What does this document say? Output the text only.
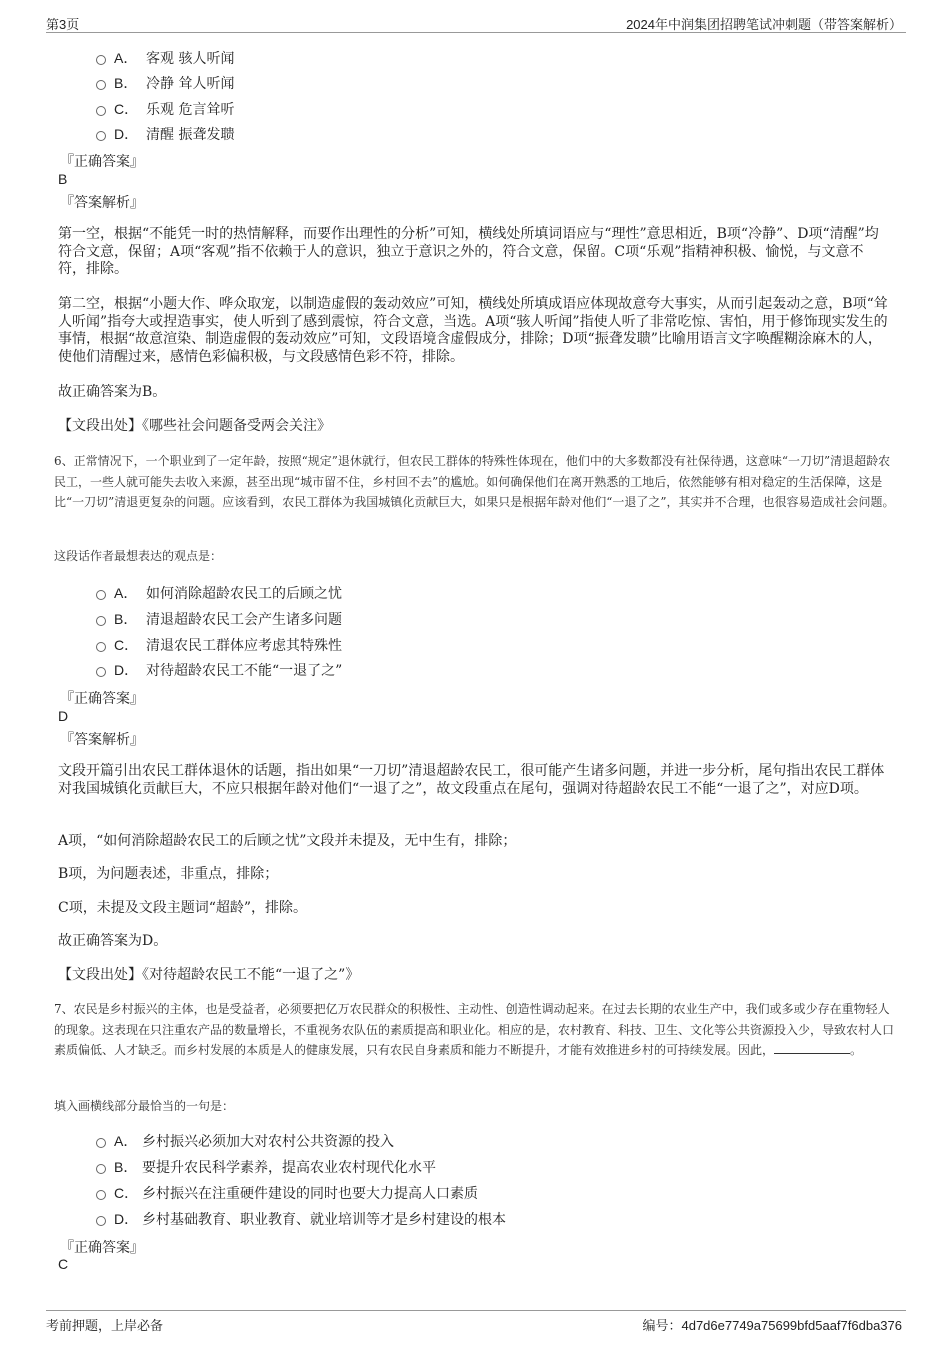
第3页	2024年中润集团招聘笔试冲刺题（带答案解析）
A． 客观 骇人听闻
B． 冷静 耸人听闻
C． 乐观 危言耸听
D． 清醒 振聋发聩
『正确答案』
B
『答案解析』

第一空，根据“不能凭一时的热情解释，而要作出理性的分析”可知，横线处所填词语应与“理性”意思相近，B项“冷静”、D项“清醒”均符合文意，保留；A项“客观”指不依赖于人的意识，独立于意识之外的，符合文意，保留。C项“乐观”指精神积极、愉悦，与文意不符，排除。

第二空，根据“小题大作、哗众取宠，以制造虚假的轰动效应”可知，横线处所填成语应体现故意夸大事实，从而引起轰动之意，B项“耸人听闻”指夸大或捏造事实，使人听到了感到震惊，符合文意，当选。A项“骇人听闻”指使人听了非常吃惊、害怕，用于修饰现实发生的事情，根据“故意渲染、制造虚假的轰动效应”可知，文段语境含虚假成分，排除；D项“振聋发聩”比喻用语言文字唤醒糊涂麻木的人，使他们清醒过来，感情色彩偏积极，与文段感情色彩不符，排除。

故正确答案为B。

【文段出处】《哪些社会问题备受两会关注》

6、正常情况下，一个职业到了一定年龄，按照“规定”退休就行，但农民工群体的特殊性体现在，他们中的大多数都没有社保待遇，这意味“一刀切”清退超龄农民工，一些人就可能失去收入来源，甚至出现“城市留不住，乡村回不去”的尴尬。如何确保他们在离开熟悉的工地后，依然能够有相对稳定的生活保障，这是比“一刀切”清退更复杂的问题。应该看到，农民工群体为我国城镇化贡献巨大，如果只是根据年龄对他们“一退了之”，其实并不合理，也很容易造成社会问题。

这段话作者最想表达的观点是：
A． 如何消除超龄农民工的后顾之忧
B． 清退超龄农民工会产生诸多问题
C． 清退农民工群体应考虑其特殊性
D． 对待超龄农民工不能“一退了之”
『正确答案』
D
『答案解析』

文段开篇引出农民工群体退休的话题，指出如果“一刀切”清退超龄农民工，很可能产生诸多问题，并进一步分析，尾句指出农民工群体对我国城镇化贡献巨大，不应只根据年龄对他们“一退了之”，故文段重点在尾句，强调对待超龄农民工不能“一退了之”，对应D项。

A项，“如何消除超龄农民工的后顾之忧”文段并未提及，无中生有，排除；

B项，为问题表述，非重点，排除；

C项，未提及文段主题词“超龄”，排除。

故正确答案为D。

【文段出处】《对待超龄农民工不能“一退了之”》

7、农民是乡村振兴的主体，也是受益者，必须要把亿万农民群众的积极性、主动性、创造性调动起来。在过去长期的农业生产中，我们或多或少存在重物轻人的现象。这表现在只注重农产品的数量增长，不重视务农队伍的素质提高和职业化。相应的是，农村教育、科技、卫生、文化等公共资源投入少，导致农村人口素质偏低、人才缺乏。而乡村发展的本质是人的健康发展，只有农民自身素质和能力不断提升，才能有效推进乡村的可持续发展。因此，	。

填入画横线部分最恰当的一句是：
A． 乡村振兴必须加大对农村公共资源的投入
B． 要提升农民科学素养，提高农业农村现代化水平
C． 乡村振兴在注重硬件建设的同时也要大力提高人口素质
D． 乡村基础教育、职业教育、就业培训等才是乡村建设的根本
『正确答案』
C
考前押题，上岸必备	编号：4d7d6e7749a75699bfd5aaf7f6dba376
